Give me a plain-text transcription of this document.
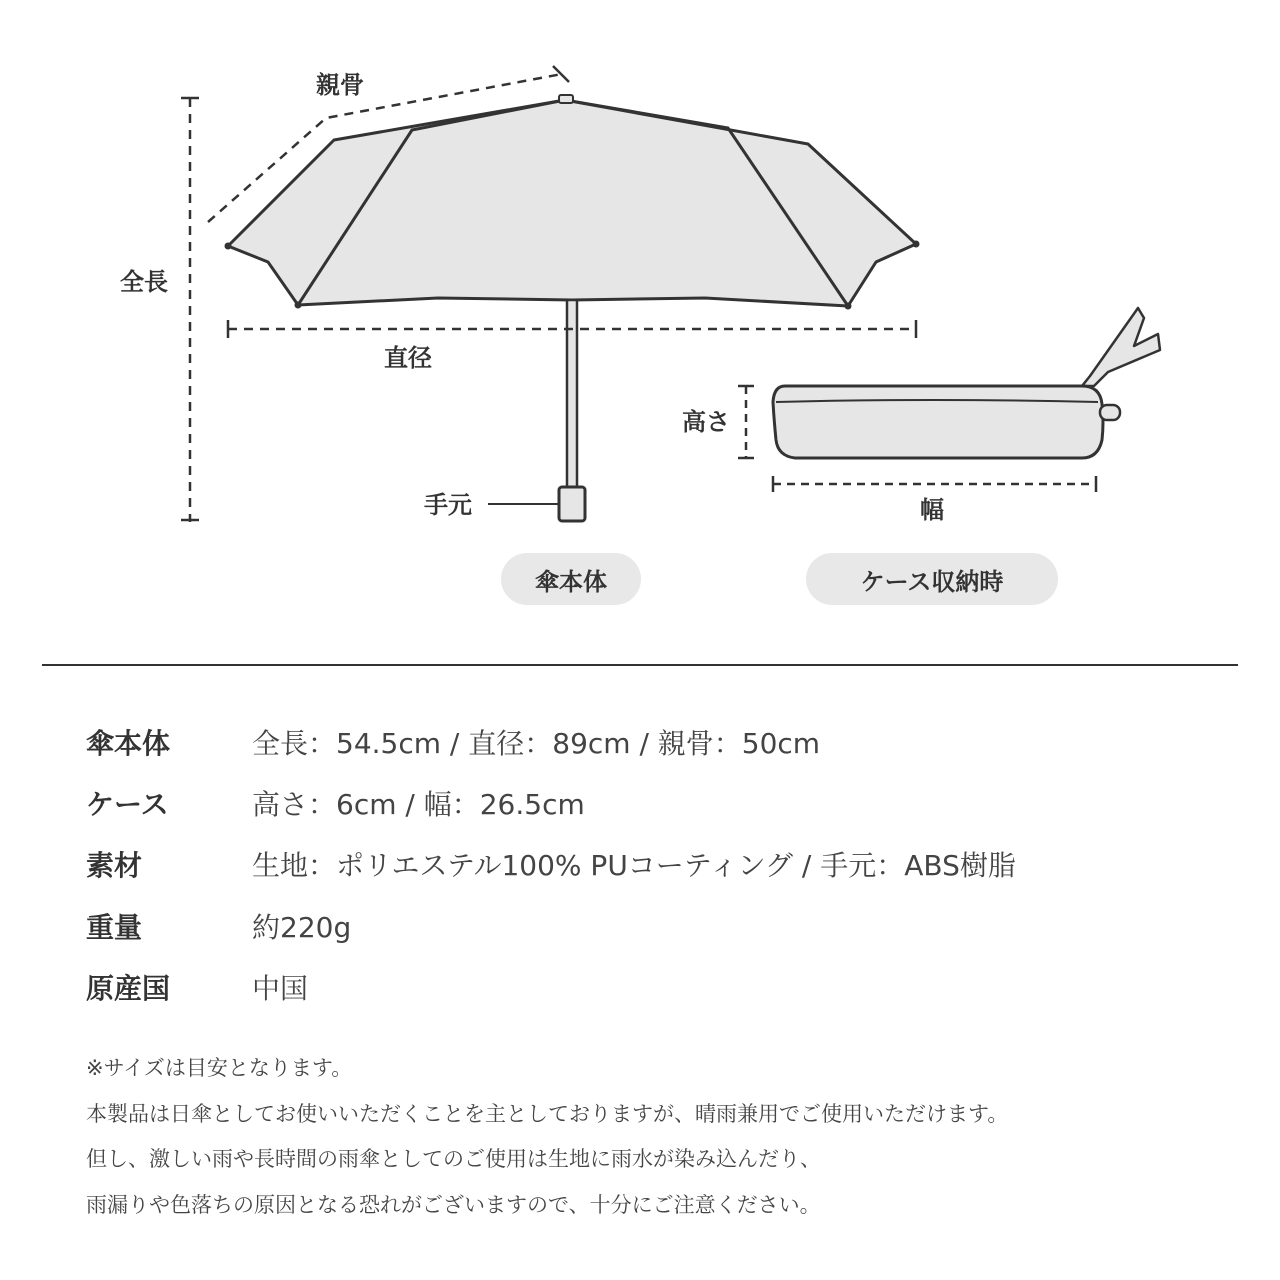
親骨
全長
直径
手元
高さ
幅
傘本体	ケース収納時
傘本体	全長：54.5cm / 直径：89cm / 親骨：50cm
ケース	高さ：6cm / 幅：26.5cm
素材	生地：ポリエステル100% PUコーティング / 手元：ABS樹脂
重量	約220g
原産国	中国
※サイズは目安となります。
本製品は日傘としてお使いいただくことを主としておりますが、晴雨兼用でご使用いただけます。
但し、激しい雨や長時間の雨傘としてのご使用は生地に雨水が染み込んだり、
雨漏りや色落ちの原因となる恐れがございますので、十分にご注意ください。
